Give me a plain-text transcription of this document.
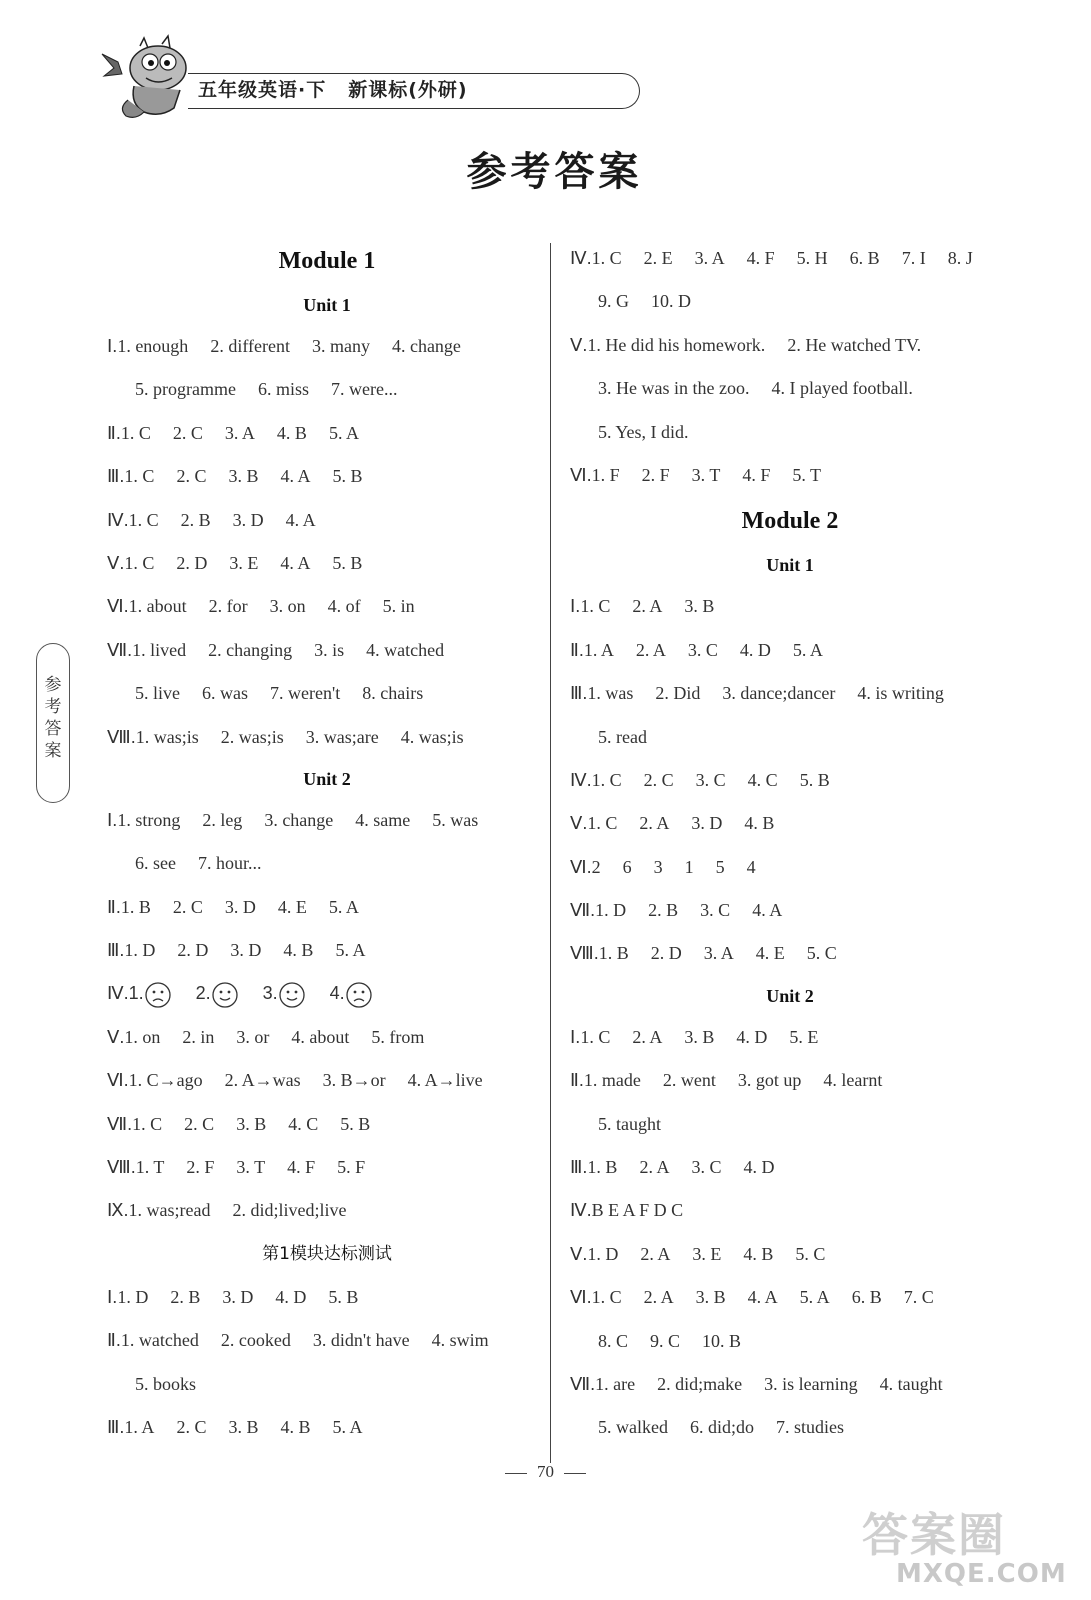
五年级英语·下 新课标(外研)
参考答案
Module 1
Unit 1
Ⅰ.1. enough 2. different 3. many 4. change
5. programme 6. miss 7. were...
Ⅱ.1. C 2. C 3. A 4. B 5. A
Ⅲ.1. C 2. C 3. B 4. A 5. B
Ⅳ.1. C 2. B 3. D 4. A
Ⅴ.1. C 2. D 3. E 4. A 5. B
Ⅵ.1. about 2. for 3. on 4. of 5. in
Ⅶ.1. lived 2. changing 3. is 4. watched
5. live 6. was 7. weren't 8. chairs
Ⅷ.1. was;is 2. was;is 3. was;are 4. was;is
Unit 2
Ⅰ.1. strong 2. leg 3. change 4. same 5. was
6. see 7. hour...
Ⅱ.1. B 2. C 3. D 4. E 5. A
Ⅲ.1. D 2. D 3. D 4. B 5. A
Ⅳ.1.	2.	3.	4.
Ⅴ.1. on 2. in 3. or 4. about 5. from
Ⅵ.1. C→ago 2. A→was 3. B→or 4. A→live
Ⅶ.1. C 2. C 3. B 4. C 5. B
Ⅷ.1. T 2. F 3. T 4. F 5. F
Ⅸ.1. was;read 2. did;lived;live
第1模块达标测试
Ⅰ.1. D 2. B 3. D 4. D 5. B
Ⅱ.1. watched 2. cooked 3. didn't have 4. swim
5. books
Ⅲ.1. A 2. C 3. B 4. B 5. A
Ⅳ.1. C 2. E 3. A 4. F 5. H 6. B 7. I 8. J
9. G 10. D
Ⅴ.1. He did his homework. 2. He watched TV.
3. He was in the zoo. 4. I played football.
5. Yes, I did.
Ⅵ.1. F 2. F 3. T 4. F 5. T
Module 2
Unit 1
Ⅰ.1. C 2. A 3. B
Ⅱ.1. A 2. A 3. C 4. D 5. A
Ⅲ.1. was 2. Did 3. dance;dancer 4. is writing
5. read
Ⅳ.1. C 2. C 3. C 4. C 5. B
Ⅴ.1. C 2. A 3. D 4. B
Ⅵ.2 6 3 1 5 4
Ⅶ.1. D 2. B 3. C 4. A
Ⅷ.1. B 2. D 3. A 4. E 5. C
Unit 2
Ⅰ.1. C 2. A 3. B 4. D 5. E
Ⅱ.1. made 2. went 3. got up 4. learnt
5. taught
Ⅲ.1. B 2. A 3. C 4. D
Ⅳ.B E A F D C
Ⅴ.1. D 2. A 3. E 4. B 5. C
Ⅵ.1. C 2. A 3. B 4. A 5. A 6. B 7. C
8. C 9. C 10. B
Ⅶ.1. are 2. did;make 3. is learning 4. taught
5. walked 6. did;do 7. studies
参
考
答
案
70
答案圈
MXQE.COM
